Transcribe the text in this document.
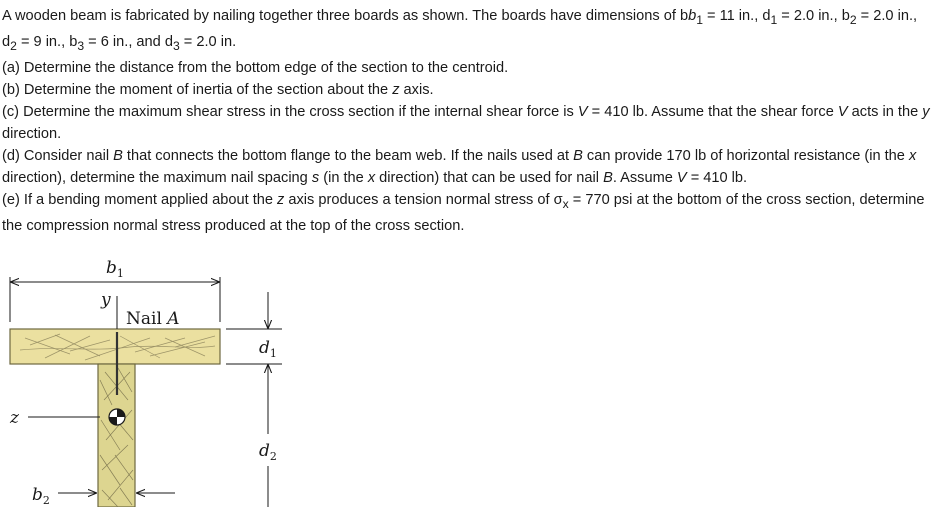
A wooden beam is fabricated by nailing together three boards as shown. The boards have dimensions of $bb_1 = 11$ in., $d_1 = 2.0$ in., $b_2 = 2.0$ in., $d_2 = 9$ in., $b_3 = 6$ in., and $d_3 = 2.0$ in.

(a) Determine the distance from the bottom edge of the section to the centroid.

(b) Determine the moment of inertia of the section about the z axis.

(c) Determine the maximum shear stress in the cross section if the internal shear force is V = 410 lb. Assume that the shear force V acts in the y direction.

(d) Consider nail B that connects the bottom flange to the beam web. If the nails used at B can provide 170 lb of horizontal resistance (in the x direction), determine the maximum nail spacing s (in the x direction) that can be used for nail B. Assume V = 410 lb.

(e) If a bending moment applied about the z axis produces a tension normal stress of $\sigma_x = 770$ psi at the bottom of the cross section, determine the compression normal stress produced at the top of the cross section.

$b_1$
y
Nail A
z
$d_1$
$d_2$
$b_2$
